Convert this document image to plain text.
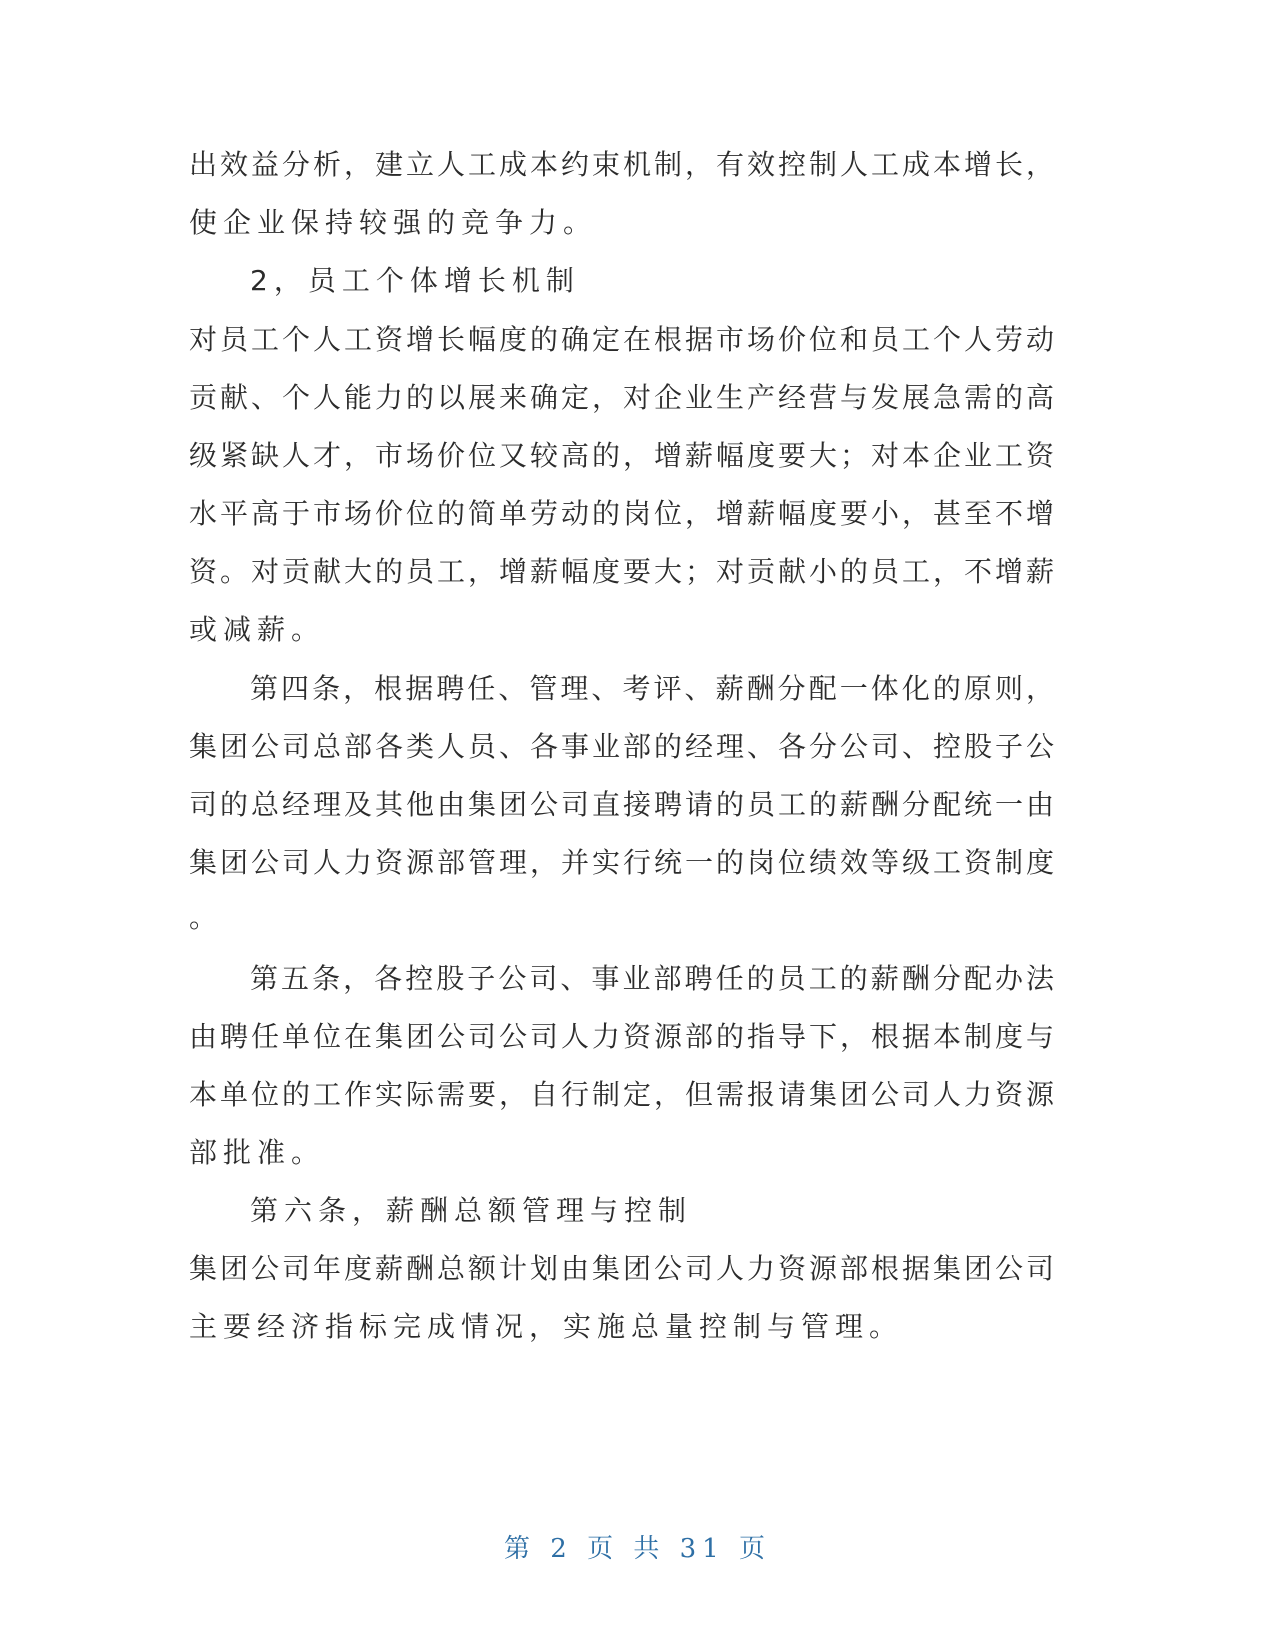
出效益分析，建立人工成本约束机制，有效控制人工成本增长，
使企业保持较强的竞争力。
2，员工个体增长机制
对员工个人工资增长幅度的确定在根据市场价位和员工个人劳动
贡献、个人能力的以展来确定，对企业生产经营与发展急需的高
级紧缺人才，市场价位又较高的，增薪幅度要大；对本企业工资
水平高于市场价位的简单劳动的岗位，增薪幅度要小，甚至不增
资。对贡献大的员工，增薪幅度要大；对贡献小的员工，不增薪
或减薪。
第四条，根据聘任、管理、考评、薪酬分配一体化的原则，
集团公司总部各类人员、各事业部的经理、各分公司、控股子公
司的总经理及其他由集团公司直接聘请的员工的薪酬分配统一由
集团公司人力资源部管理，并实行统一的岗位绩效等级工资制度
。
第五条，各控股子公司、事业部聘任的员工的薪酬分配办法
由聘任单位在集团公司公司人力资源部的指导下，根据本制度与
本单位的工作实际需要，自行制定，但需报请集团公司人力资源
部批准。
第六条，薪酬总额管理与控制
集团公司年度薪酬总额计划由集团公司人力资源部根据集团公司
主要经济指标完成情况，实施总量控制与管理。
第 2 页 共 31 页
